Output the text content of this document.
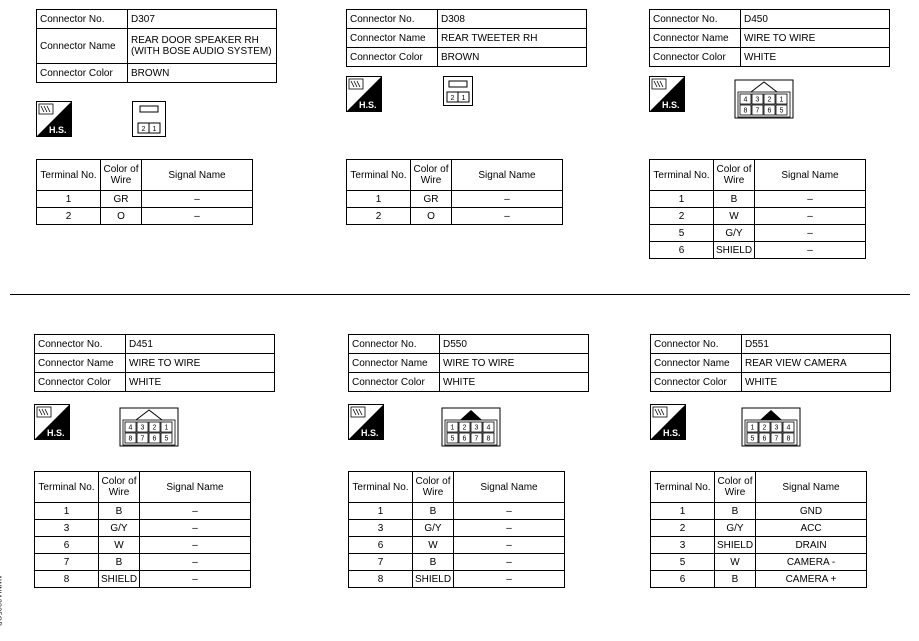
Connector No.	D307
Connector Name	REAR DOOR SPEAKER RH (WITH BOSE AUDIO SYSTEM)
Connector Color	BROWN
H.S.	2 1
Terminal No.	Color of Wire	Signal Name
1	GR	–
2	O	–
Connector No.	D308
Connector Name	REAR TWEETER RH
Connector Color	BROWN
H.S.
2 1
Terminal No.	Color of Wire	Signal Name
1	GR	–
2	O	–
Connector No.	D450
Connector Name	WIRE TO WIRE
Connector Color	WHITE
H.S.	4 3 2 1
8 7 6 5
Terminal No.	Color of Wire	Signal Name
1	B	–
2	W	–
5	G/Y	–
6	SHIELD	–
Connector No.	D451
Connector Name	WIRE TO WIRE
Connector Color	WHITE
H.S.	4 3 2 1
8 7 6 5
Terminal No.	Color of Wire	Signal Name
1	B	–
3	G/Y	–
6	W	–
7	B	–
8	SHIELD	–
Connector No.	D550
Connector Name	WIRE TO WIRE
Connector Color	WHITE
H.S.	1 2 3 4
5 6 7 8
Terminal No.	Color of Wire	Signal Name
1	B	–
3	G/Y	–
6	W	–
7	B	–
8	SHIELD	–
Connector No.	D551
Connector Name	REAR VIEW CAMERA
Connector Color	WHITE
H.S.	1 2 3 4
5 6 7 8
Terminal No.	Color of Wire	Signal Name
1	B	GND
2	G/Y	ACC
3	SHIELD	DRAIN
5	W	CAMERA -
6	B	CAMERA +
